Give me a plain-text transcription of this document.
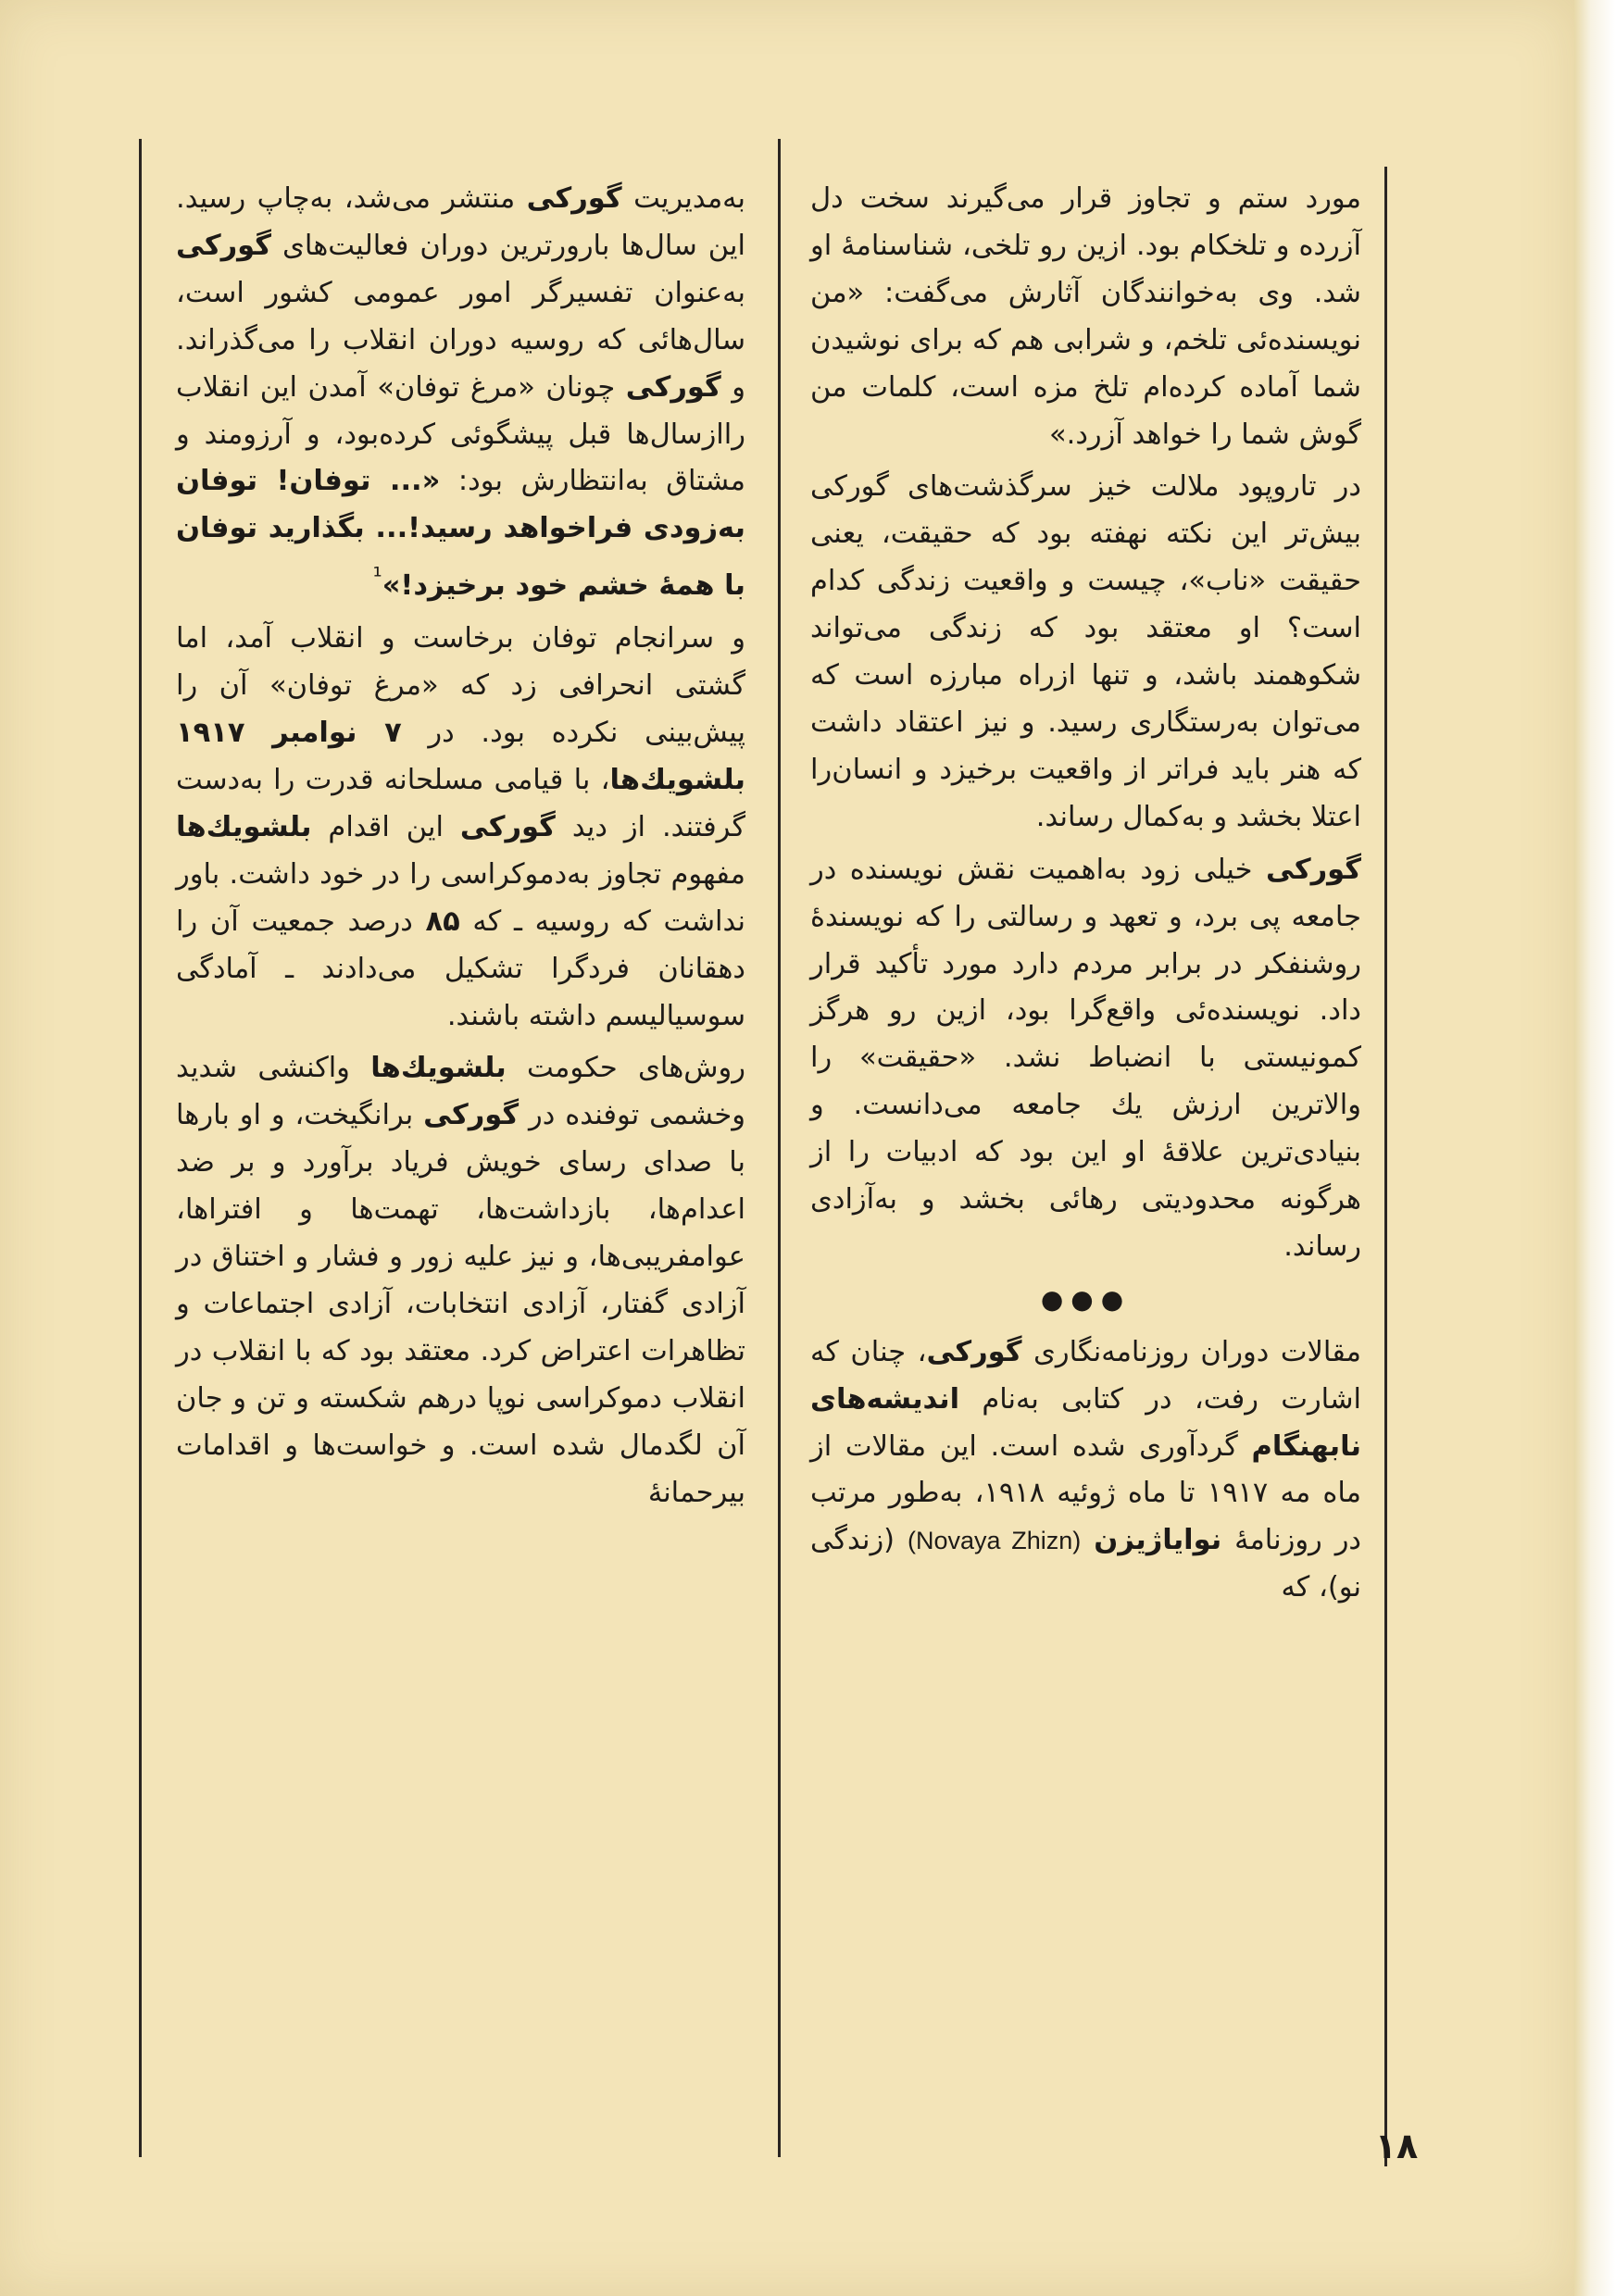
مورد ستم و تجاوز قرار می‌گیرند سخت دل آزرده و تلخکام بود. ازین رو تلخی، شناسنامهٔ او شد. وی به‌خوانندگان آثارش می‌گفت: «من نویسنده‌ئی تلخم، و شرابی هم که برای نوشیدن شما آماده کرده‌ام تلخ مزه است، کلمات من گوش شما را خواهد آزرد.»

در تاروپود ملالت خیز سرگذشت‌های گورکی بیش‌تر این نکته نهفته بود که حقیقت، یعنی حقیقت «ناب»، چیست و واقعیت زندگی کدام است؟ او معتقد بود که زندگی می‌تواند شکوهمند باشد، و تنها ازراه مبارزه است که می‌توان به‌رستگاری رسید. و نیز اعتقاد داشت که هنر باید فراتر از واقعیت برخیزد و انسان‌را اعتلا بخشد و به‌کمال رساند.

گورکی خیلی زود به‌اهمیت نقش نویسنده در جامعه پی برد، و تعهد و رسالتی را که نویسندهٔ روشنفکر در برابر مردم دارد مورد تأکید قرار داد. نویسنده‌ئی واقع‌گرا بود، ازین رو هرگز کمونیستی با انضباط نشد. «حقیقت» را والاترین ارزش یك جامعه می‌دانست. و بنیادی‌ترین علاقهٔ او این بود که ادبیات را از هرگونه محدودیتی رهائی بخشد و به‌آزادی رساند.

●●●

مقالات دوران روزنامه‌نگاری گورکی، چنان که اشارت رفت، در کتابی به‌نام اندیشه‌های نابهنگام گردآوری شده است. این مقالات از ماه مه ۱۹۱۷ تا ماه ژوئیه ۱۹۱۸، به‌طور مرتب در روزنامهٔ نوایاژیزن (Novaya Zhizn) (زندگی نو)، که

به‌مدیریت گورکی منتشر می‌شد، به‌چاپ رسید. این سال‌ها بارورترین دوران فعالیت‌های گورکی به‌عنوان تفسیرگر امور عمومی کشور است، سال‌هائی که روسیه دوران انقلاب را می‌گذراند. و گورکی چونان «مرغ توفان» آمدن این انقلاب رااز‌سال‌ها قبل پیشگوئی کرده‌بود، و آرزومند و مشتاق به‌انتظارش بود: «... توفان! توفان به‌زودی فراخواهد رسید!... بگذارید توفان با همهٔ خشم خود برخیزد!»$^{^1}$

و سرانجام توفان برخاست و انقلاب آمد، اما گشتی انحرافی زد که «مرغ توفان» آن را پیش‌بینی نکرده بود. در ۷ نوامبر ۱۹۱۷ بلشویك‌ها، با قیامی مسلحانه قدرت را به‌دست گرفتند. از دید گورکی این اقدام بلشویك‌ها مفهوم تجاوز به‌دموکراسی را در خود داشت. باور نداشت که روسیه ـ که ۸۵ درصد جمعیت آن را دهقانان فردگرا تشکیل می‌دادند ـ آمادگی سوسیالیسم داشته باشند.

روش‌های حکومت بلشویك‌ها واکنشی شدید وخشمی توفنده در گورکی برانگیخت، و او بارها با صدای رسای خویش فریاد برآورد و بر ضد اعدام‌ها، بازداشت‌ها، تهمت‌ها و افتراها، عوامفریبی‌ها، و نیز علیه زور و فشار و اختناق در آزادی گفتار، آزادی انتخابات، آزادی اجتماعات و تظاهرات اعتراض کرد. معتقد بود که با انقلاب در انقلاب دموکراسی نوپا درهم شکسته و تن و جان آن لگدمال شده است. و خواست‌ها و اقدامات بیرحمانهٔ

۱۸
